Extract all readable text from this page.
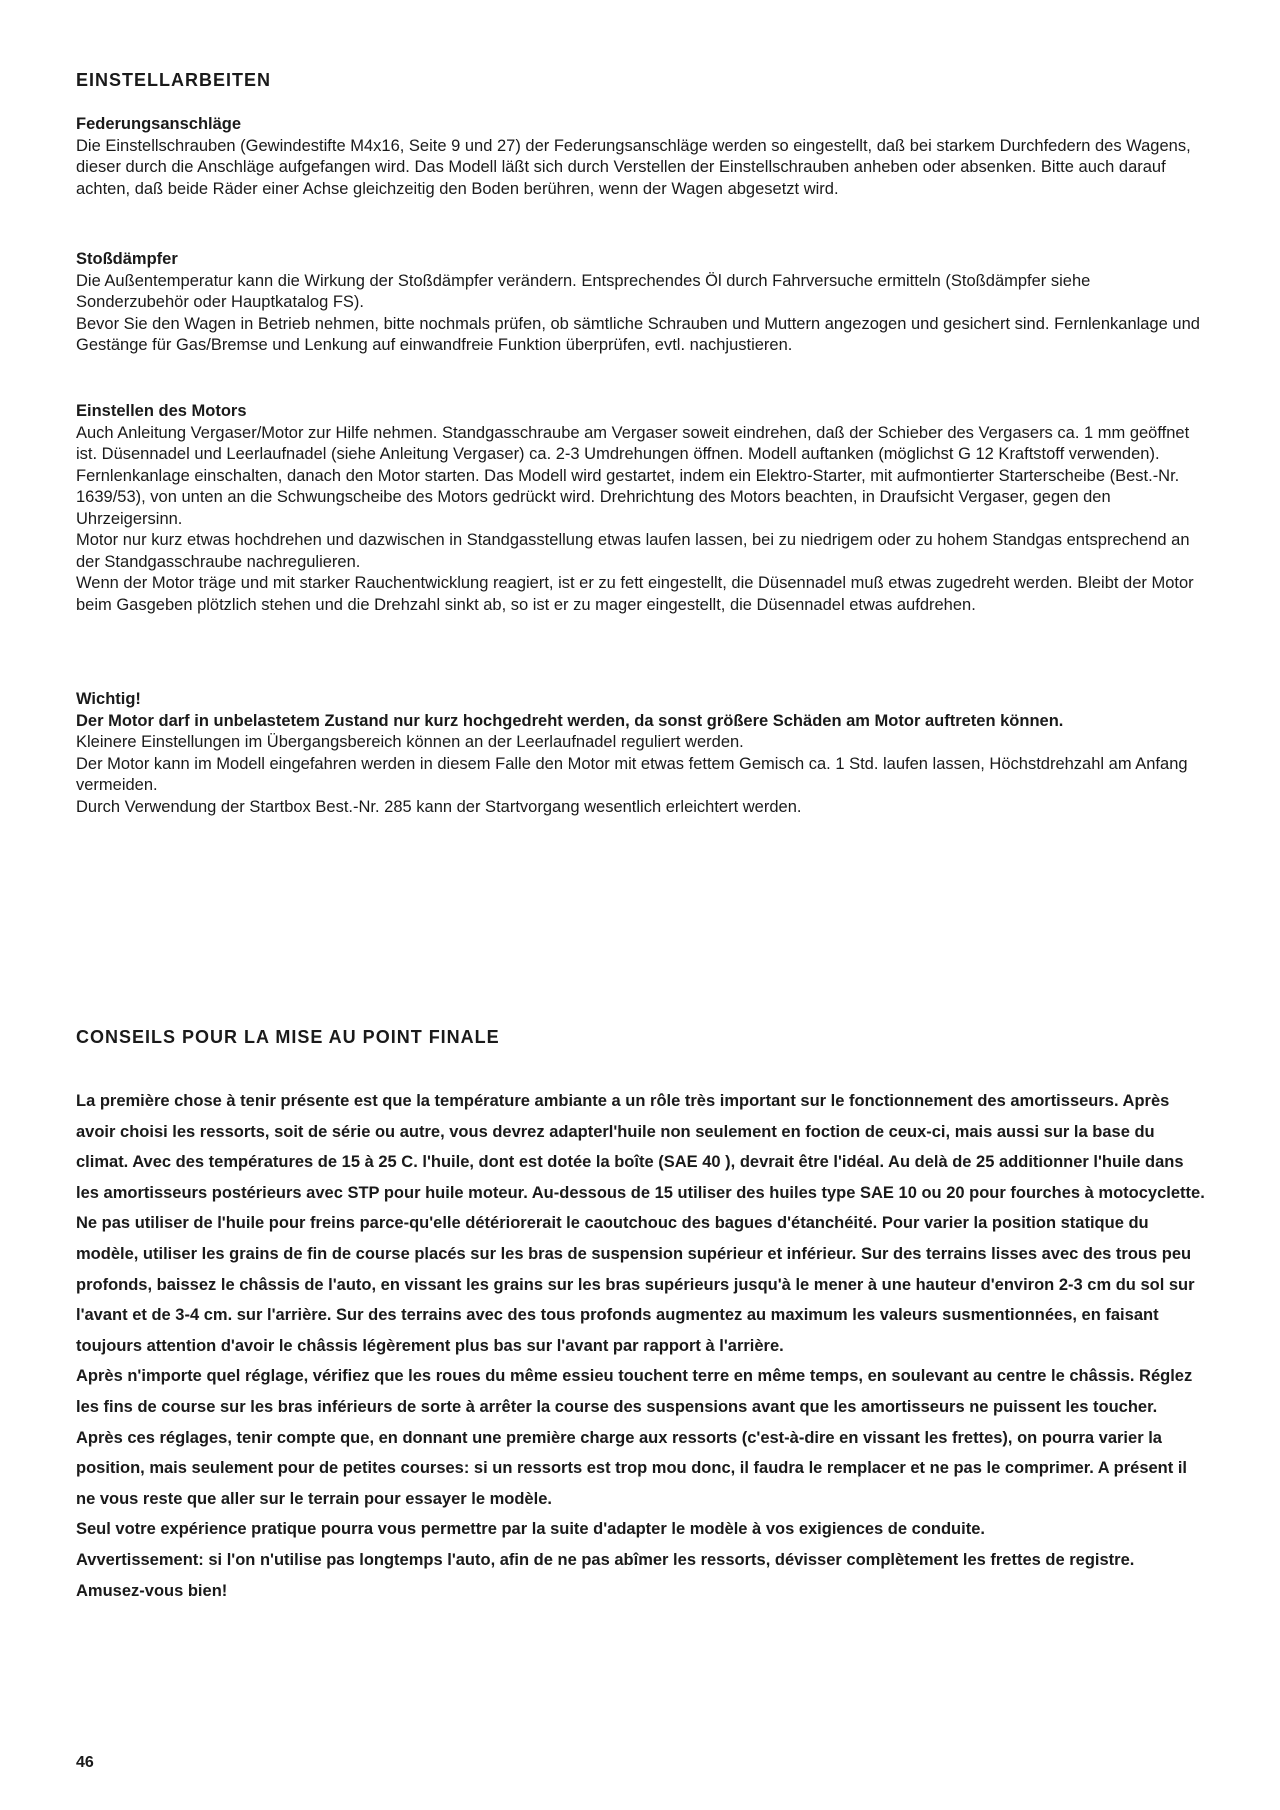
EINSTELLARBEITEN
Federungsanschläge

Die Einstellschrauben (Gewindestifte M4x16, Seite 9 und 27) der Federungsanschläge werden so eingestellt, daß bei starkem Durchfedern des Wagens, dieser durch die Anschläge aufgefangen wird. Das Modell läßt sich durch Verstellen der Einstellschrauben anheben oder absenken. Bitte auch darauf achten, daß beide Räder einer Achse gleichzeitig den Boden berühren, wenn der Wagen abgesetzt wird.

Stoßdämpfer

Die Außentemperatur kann die Wirkung der Stoßdämpfer verändern. Entsprechendes Öl durch Fahrversuche ermitteln (Stoßdämpfer siehe Sonderzubehör oder Hauptkatalog FS).

Bevor Sie den Wagen in Betrieb nehmen, bitte nochmals prüfen, ob sämtliche Schrauben und Muttern angezogen und gesichert sind. Fernlenkanlage und Gestänge für Gas/Bremse und Lenkung auf einwandfreie Funktion überprüfen, evtl. nachjustieren.

Einstellen des Motors

Auch Anleitung Vergaser/Motor zur Hilfe nehmen. Standgasschraube am Vergaser soweit eindrehen, daß der Schieber des Vergasers ca. 1 mm geöffnet ist. Düsennadel und Leerlaufnadel (siehe Anleitung Vergaser) ca. 2-3 Umdrehungen öffnen. Modell auftanken (möglichst G 12 Kraftstoff verwenden).

Fernlenkanlage einschalten, danach den Motor starten. Das Modell wird gestartet, indem ein Elektro-Starter, mit aufmontierter Starterscheibe (Best.-Nr. 1639/53), von unten an die Schwungscheibe des Motors gedrückt wird. Drehrichtung des Motors beachten, in Draufsicht Vergaser, gegen den Uhrzeigersinn.

Motor nur kurz etwas hochdrehen und dazwischen in Standgasstellung etwas laufen lassen, bei zu niedrigem oder zu hohem Standgas entsprechend an der Standgasschraube nachregulieren.

Wenn der Motor träge und mit starker Rauchentwicklung reagiert, ist er zu fett eingestellt, die Düsennadel muß etwas zugedreht werden. Bleibt der Motor beim Gasgeben plötzlich stehen und die Drehzahl sinkt ab, so ist er zu mager eingestellt, die Düsennadel etwas aufdrehen.

Wichtig!

Der Motor darf in unbelastetem Zustand nur kurz hochgedreht werden, da sonst größere Schäden am Motor auftreten können.

Kleinere Einstellungen im Übergangsbereich können an der Leerlaufnadel reguliert werden.

Der Motor kann im Modell eingefahren werden in diesem Falle den Motor mit etwas fettem Gemisch ca. 1 Std. laufen lassen, Höchstdrehzahl am Anfang vermeiden.

Durch Verwendung der Startbox Best.-Nr. 285 kann der Startvorgang wesentlich erleichtert werden.

CONSEILS POUR LA MISE AU POINT FINALE

La première chose à tenir présente est que la température ambiante a un rôle très important sur le fonctionnement des amortisseurs. Après avoir choisi les ressorts, soit de série ou autre, vous devrez adapterl'huile non seulement en foction de ceux-ci, mais aussi sur la base du climat. Avec des températures de 15 à 25 C. l'huile, dont est dotée la boîte (SAE 40 ), devrait être l'idéal. Au delà de 25 additionner l'huile dans les amortisseurs postérieurs avec STP pour huile moteur. Au-dessous de 15 utiliser des huiles type SAE 10 ou 20 pour fourches à motocyclette. Ne pas utiliser de l'huile pour freins parce-qu'elle détériorerait le caoutchouc des bagues d'étanchéité. Pour varier la position statique du modèle, utiliser les grains de fin de course placés sur les bras de suspension supérieur et inférieur. Sur des terrains lisses avec des trous peu profonds, baissez le châssis de l'auto, en vissant les grains sur les bras supérieurs jusqu'à le mener à une hauteur d'environ 2-3 cm du sol sur l'avant et de 3-4 cm. sur l'arrière. Sur des terrains avec des tous profonds augmentez au maximum les valeurs susmentionnées, en faisant toujours attention d'avoir le châssis légèrement plus bas sur l'avant par rapport à l'arrière.

Après n'importe quel réglage, vérifiez que les roues du même essieu touchent terre en même temps, en soulevant au centre le châssis. Réglez les fins de course sur les bras inférieurs de sorte à arrêter la course des suspensions avant que les amortisseurs ne puissent les toucher.

Après ces réglages, tenir compte que, en donnant une première charge aux ressorts (c'est-à-dire en vissant les frettes), on pourra varier la position, mais seulement pour de petites courses: si un ressorts est trop mou donc, il faudra le remplacer et ne pas le comprimer. A présent il ne vous reste que aller sur le terrain pour essayer le modèle.

Seul votre expérience pratique pourra vous permettre par la suite d'adapter le modèle à vos exigiences de conduite.

Avvertissement: si l'on n'utilise pas longtemps l'auto, afin de ne pas abîmer les ressorts, dévisser complètement les frettes de registre.

Amusez-vous bien!

46
